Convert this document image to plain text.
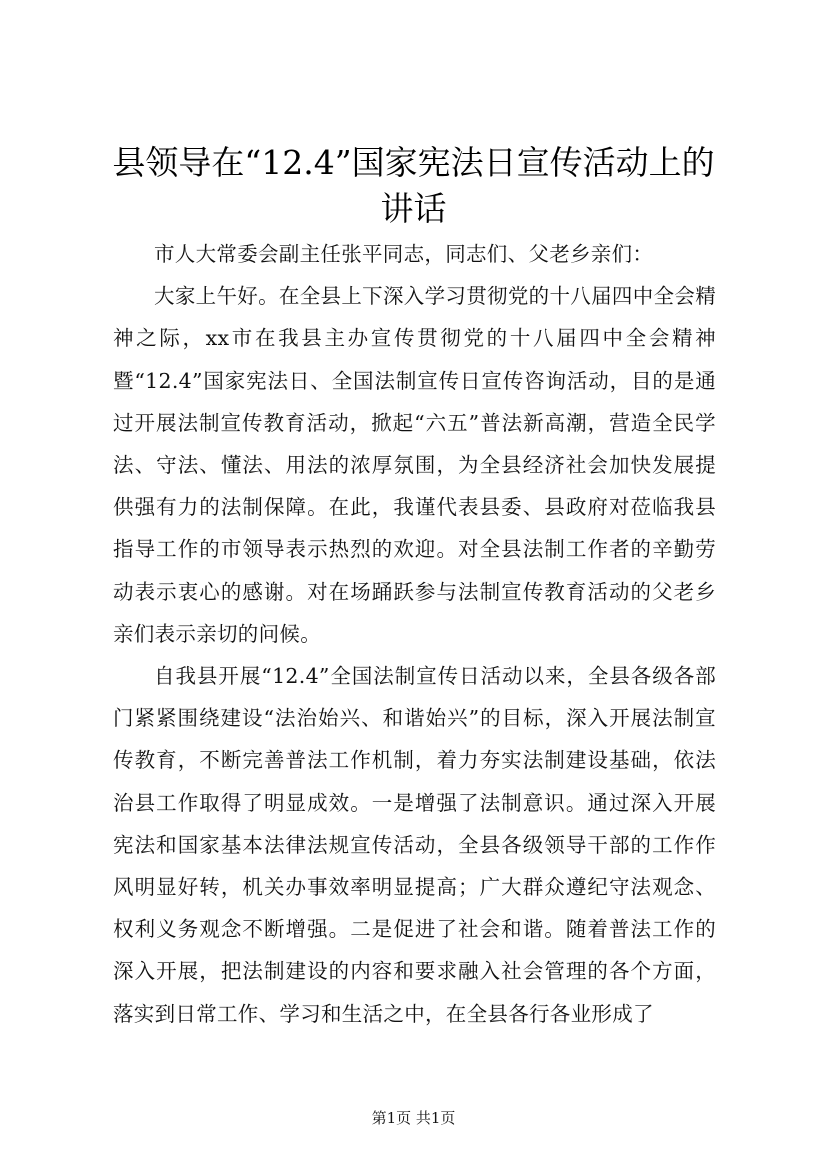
县领导在“12.4”国家宪法日宣传活动上的讲话

市人大常委会副主任张平同志，同志们、父老乡亲们：

大家上午好。在全县上下深入学习贯彻党的十八届四中全会精神之际，xx市在我县主办宣传贯彻党的十八届四中全会精神暨“12.4”国家宪法日、全国法制宣传日宣传咨询活动，目的是通过开展法制宣传教育活动，掀起“六五”普法新高潮，营造全民学法、守法、懂法、用法的浓厚氛围，为全县经济社会加快发展提供强有力的法制保障。在此，我谨代表县委、县政府对莅临我县指导工作的市领导表示热烈的欢迎。对全县法制工作者的辛勤劳动表示衷心的感谢。对在场踊跃参与法制宣传教育活动的父老乡亲们表示亲切的问候。

自我县开展“12.4”全国法制宣传日活动以来，全县各级各部门紧紧围绕建设“法治始兴、和谐始兴”的目标，深入开展法制宣传教育，不断完善普法工作机制，着力夯实法制建设基础，依法治县工作取得了明显成效。一是增强了法制意识。通过深入开展宪法和国家基本法律法规宣传活动，全县各级领导干部的工作作风明显好转，机关办事效率明显提高；广大群众遵纪守法观念、权利义务观念不断增强。二是促进了社会和谐。随着普法工作的深入开展，把法制建设的内容和要求融入社会管理的各个方面，落实到日常工作、学习和生活之中，在全县各行各业形成了

第1页 共1页
